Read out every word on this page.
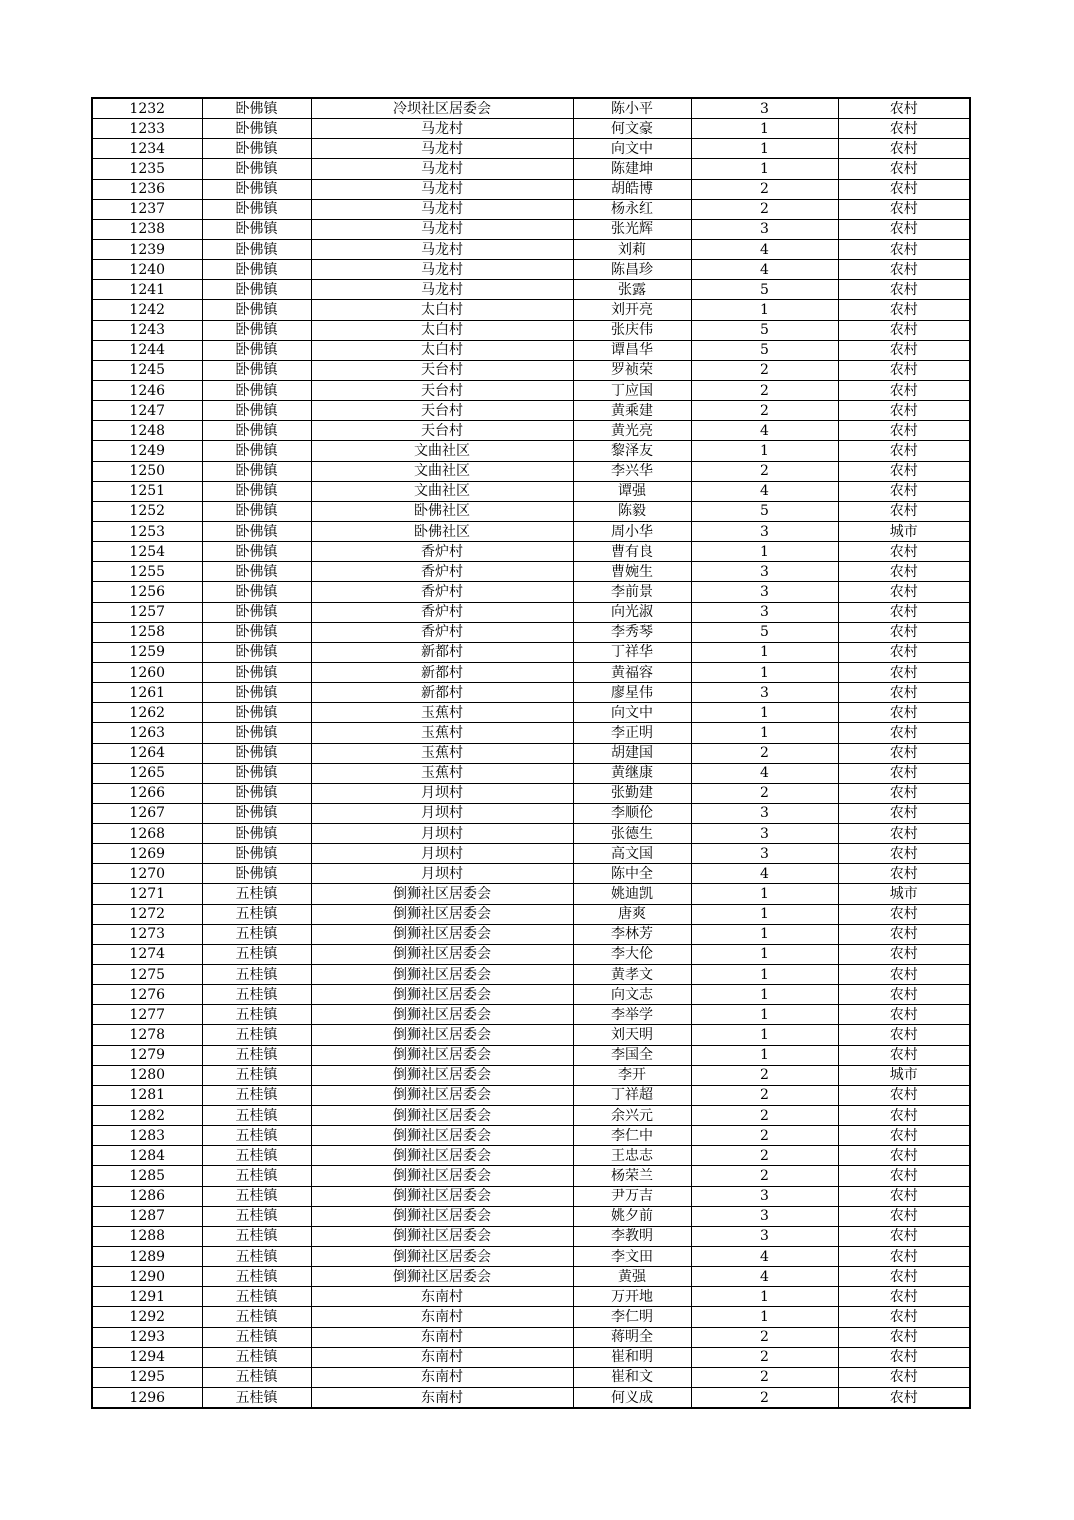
1232	卧佛镇	冷坝社区居委会	陈小平	3	农村
1233	卧佛镇	马龙村	何文豪	1	农村
1234	卧佛镇	马龙村	向文中	1	农村
1235	卧佛镇	马龙村	陈建坤	1	农村
1236	卧佛镇	马龙村	胡皓博	2	农村
1237	卧佛镇	马龙村	杨永红	2	农村
1238	卧佛镇	马龙村	张光辉	3	农村
1239	卧佛镇	马龙村	刘莉	4	农村
1240	卧佛镇	马龙村	陈昌珍	4	农村
1241	卧佛镇	马龙村	张露	5	农村
1242	卧佛镇	太白村	刘开亮	1	农村
1243	卧佛镇	太白村	张庆伟	5	农村
1244	卧佛镇	太白村	谭昌华	5	农村
1245	卧佛镇	天台村	罗祯荣	2	农村
1246	卧佛镇	天台村	丁应国	2	农村
1247	卧佛镇	天台村	黄乘建	2	农村
1248	卧佛镇	天台村	黄光亮	4	农村
1249	卧佛镇	文曲社区	黎泽友	1	农村
1250	卧佛镇	文曲社区	李兴华	2	农村
1251	卧佛镇	文曲社区	谭强	4	农村
1252	卧佛镇	卧佛社区	陈毅	5	农村
1253	卧佛镇	卧佛社区	周小华	3	城市
1254	卧佛镇	香炉村	曹有良	1	农村
1255	卧佛镇	香炉村	曹婉生	3	农村
1256	卧佛镇	香炉村	李前景	3	农村
1257	卧佛镇	香炉村	向光淑	3	农村
1258	卧佛镇	香炉村	李秀琴	5	农村
1259	卧佛镇	新都村	丁祥华	1	农村
1260	卧佛镇	新都村	黄福容	1	农村
1261	卧佛镇	新都村	廖星伟	3	农村
1262	卧佛镇	玉蕉村	向文中	1	农村
1263	卧佛镇	玉蕉村	李正明	1	农村
1264	卧佛镇	玉蕉村	胡建国	2	农村
1265	卧佛镇	玉蕉村	黄继康	4	农村
1266	卧佛镇	月坝村	张勤建	2	农村
1267	卧佛镇	月坝村	李顺伦	3	农村
1268	卧佛镇	月坝村	张德生	3	农村
1269	卧佛镇	月坝村	高文国	3	农村
1270	卧佛镇	月坝村	陈中全	4	农村
1271	五桂镇	倒狮社区居委会	姚迪凯	1	城市
1272	五桂镇	倒狮社区居委会	唐爽	1	农村
1273	五桂镇	倒狮社区居委会	李林芳	1	农村
1274	五桂镇	倒狮社区居委会	李大伦	1	农村
1275	五桂镇	倒狮社区居委会	黄孝文	1	农村
1276	五桂镇	倒狮社区居委会	向文志	1	农村
1277	五桂镇	倒狮社区居委会	李举学	1	农村
1278	五桂镇	倒狮社区居委会	刘天明	1	农村
1279	五桂镇	倒狮社区居委会	李国全	1	农村
1280	五桂镇	倒狮社区居委会	李开	2	城市
1281	五桂镇	倒狮社区居委会	丁祥超	2	农村
1282	五桂镇	倒狮社区居委会	余兴元	2	农村
1283	五桂镇	倒狮社区居委会	李仁中	2	农村
1284	五桂镇	倒狮社区居委会	王忠志	2	农村
1285	五桂镇	倒狮社区居委会	杨荣兰	2	农村
1286	五桂镇	倒狮社区居委会	尹万吉	3	农村
1287	五桂镇	倒狮社区居委会	姚夕前	3	农村
1288	五桂镇	倒狮社区居委会	李教明	3	农村
1289	五桂镇	倒狮社区居委会	李文田	4	农村
1290	五桂镇	倒狮社区居委会	黄强	4	农村
1291	五桂镇	东南村	万开地	1	农村
1292	五桂镇	东南村	李仁明	1	农村
1293	五桂镇	东南村	蒋明全	2	农村
1294	五桂镇	东南村	崔和明	2	农村
1295	五桂镇	东南村	崔和文	2	农村
1296	五桂镇	东南村	何义成	2	农村
